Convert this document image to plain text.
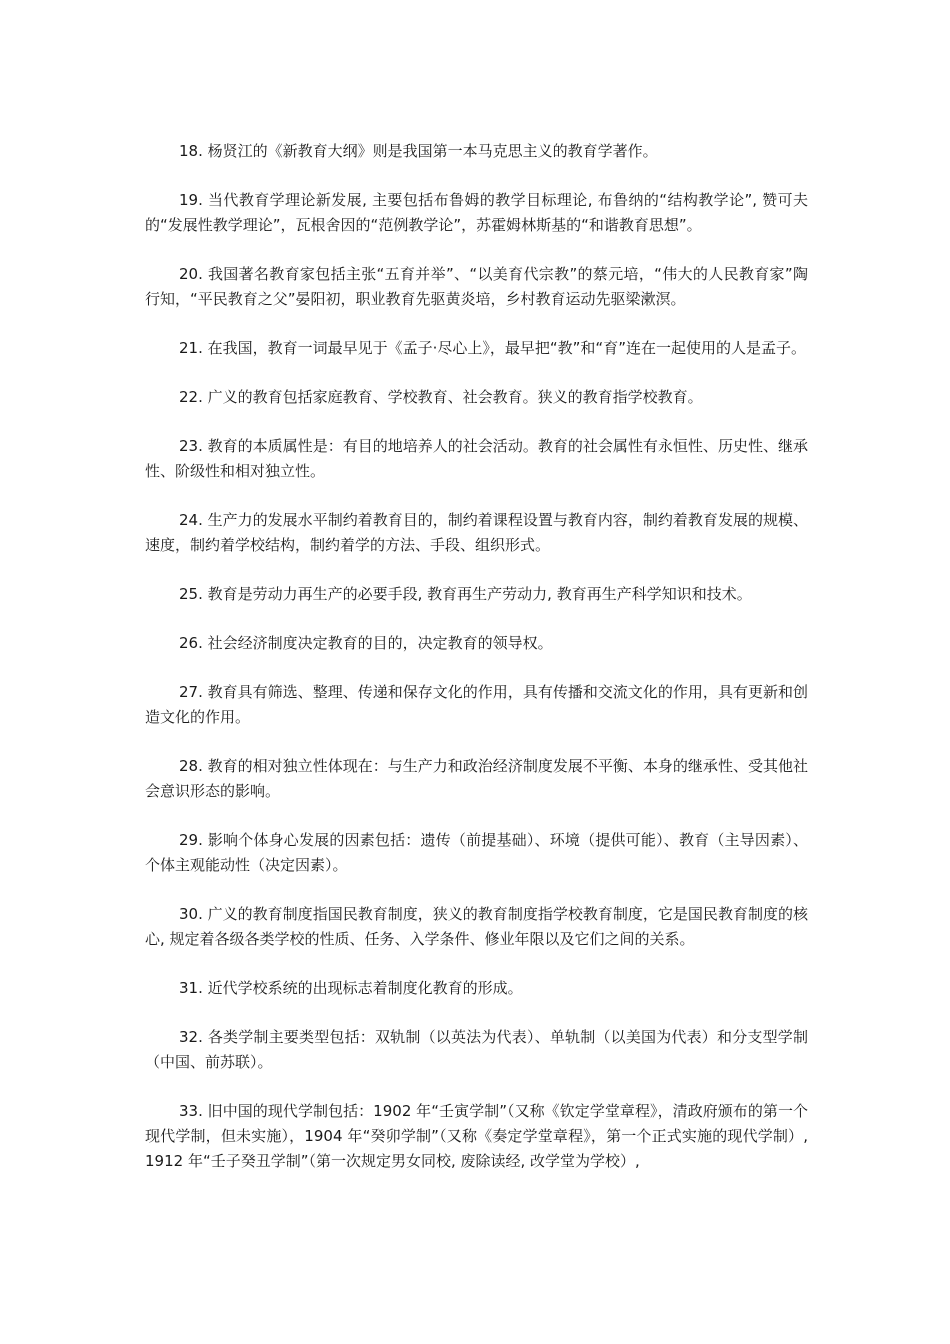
18. 杨贤江的《新教育大纲》则是我国第一本马克思主义的教育学著作。

19. 当代教育学理论新发展, 主要包括布鲁姆的教学目标理论, 布鲁纳的“结构教学论”, 赞可夫的“发展性教学理论”，瓦根舍因的“范例教学论”，苏霍姆林斯基的“和谐教育思想”。

20. 我国著名教育家包括主张“五育并举”、“以美育代宗教”的蔡元培，“伟大的人民教育家”陶行知，“平民教育之父”晏阳初，职业教育先驱黄炎培，乡村教育运动先驱梁漱溟。

21. 在我国，教育一词最早见于《孟子·尽心上》，最早把“教”和“育”连在一起使用的人是孟子。

22. 广义的教育包括家庭教育、学校教育、社会教育。狭义的教育指学校教育。

23. 教育的本质属性是：有目的地培养人的社会活动。教育的社会属性有永恒性、历史性、继承性、阶级性和相对独立性。

24. 生产力的发展水平制约着教育目的，制约着课程设置与教育内容，制约着教育发展的规模、速度，制约着学校结构，制约着学的方法、手段、组织形式。

25. 教育是劳动力再生产的必要手段, 教育再生产劳动力, 教育再生产科学知识和技术。

26. 社会经济制度决定教育的目的，决定教育的领导权。

27. 教育具有筛选、整理、传递和保存文化的作用，具有传播和交流文化的作用，具有更新和创造文化的作用。

28. 教育的相对独立性体现在：与生产力和政治经济制度发展不平衡、本身的继承性、受其他社会意识形态的影响。

29. 影响个体身心发展的因素包括：遗传（前提基础）、环境（提供可能）、教育（主导因素）、个体主观能动性（决定因素）。

30. 广义的教育制度指国民教育制度，狭义的教育制度指学校教育制度，它是国民教育制度的核心, 规定着各级各类学校的性质、任务、入学条件、修业年限以及它们之间的关系。

31. 近代学校系统的出现标志着制度化教育的形成。

32. 各类学制主要类型包括：双轨制（以英法为代表）、单轨制（以美国为代表）和分支型学制（中国、前苏联）。

33. 旧中国的现代学制包括：1902 年“壬寅学制”（又称《钦定学堂章程》，清政府颁布的第一个现代学制，但未实施），1904 年“癸卯学制”（又称《奏定学堂章程》，第一个正式实施的现代学制）, 1912 年“壬子癸丑学制”（第一次规定男女同校, 废除读经, 改学堂为学校）,
